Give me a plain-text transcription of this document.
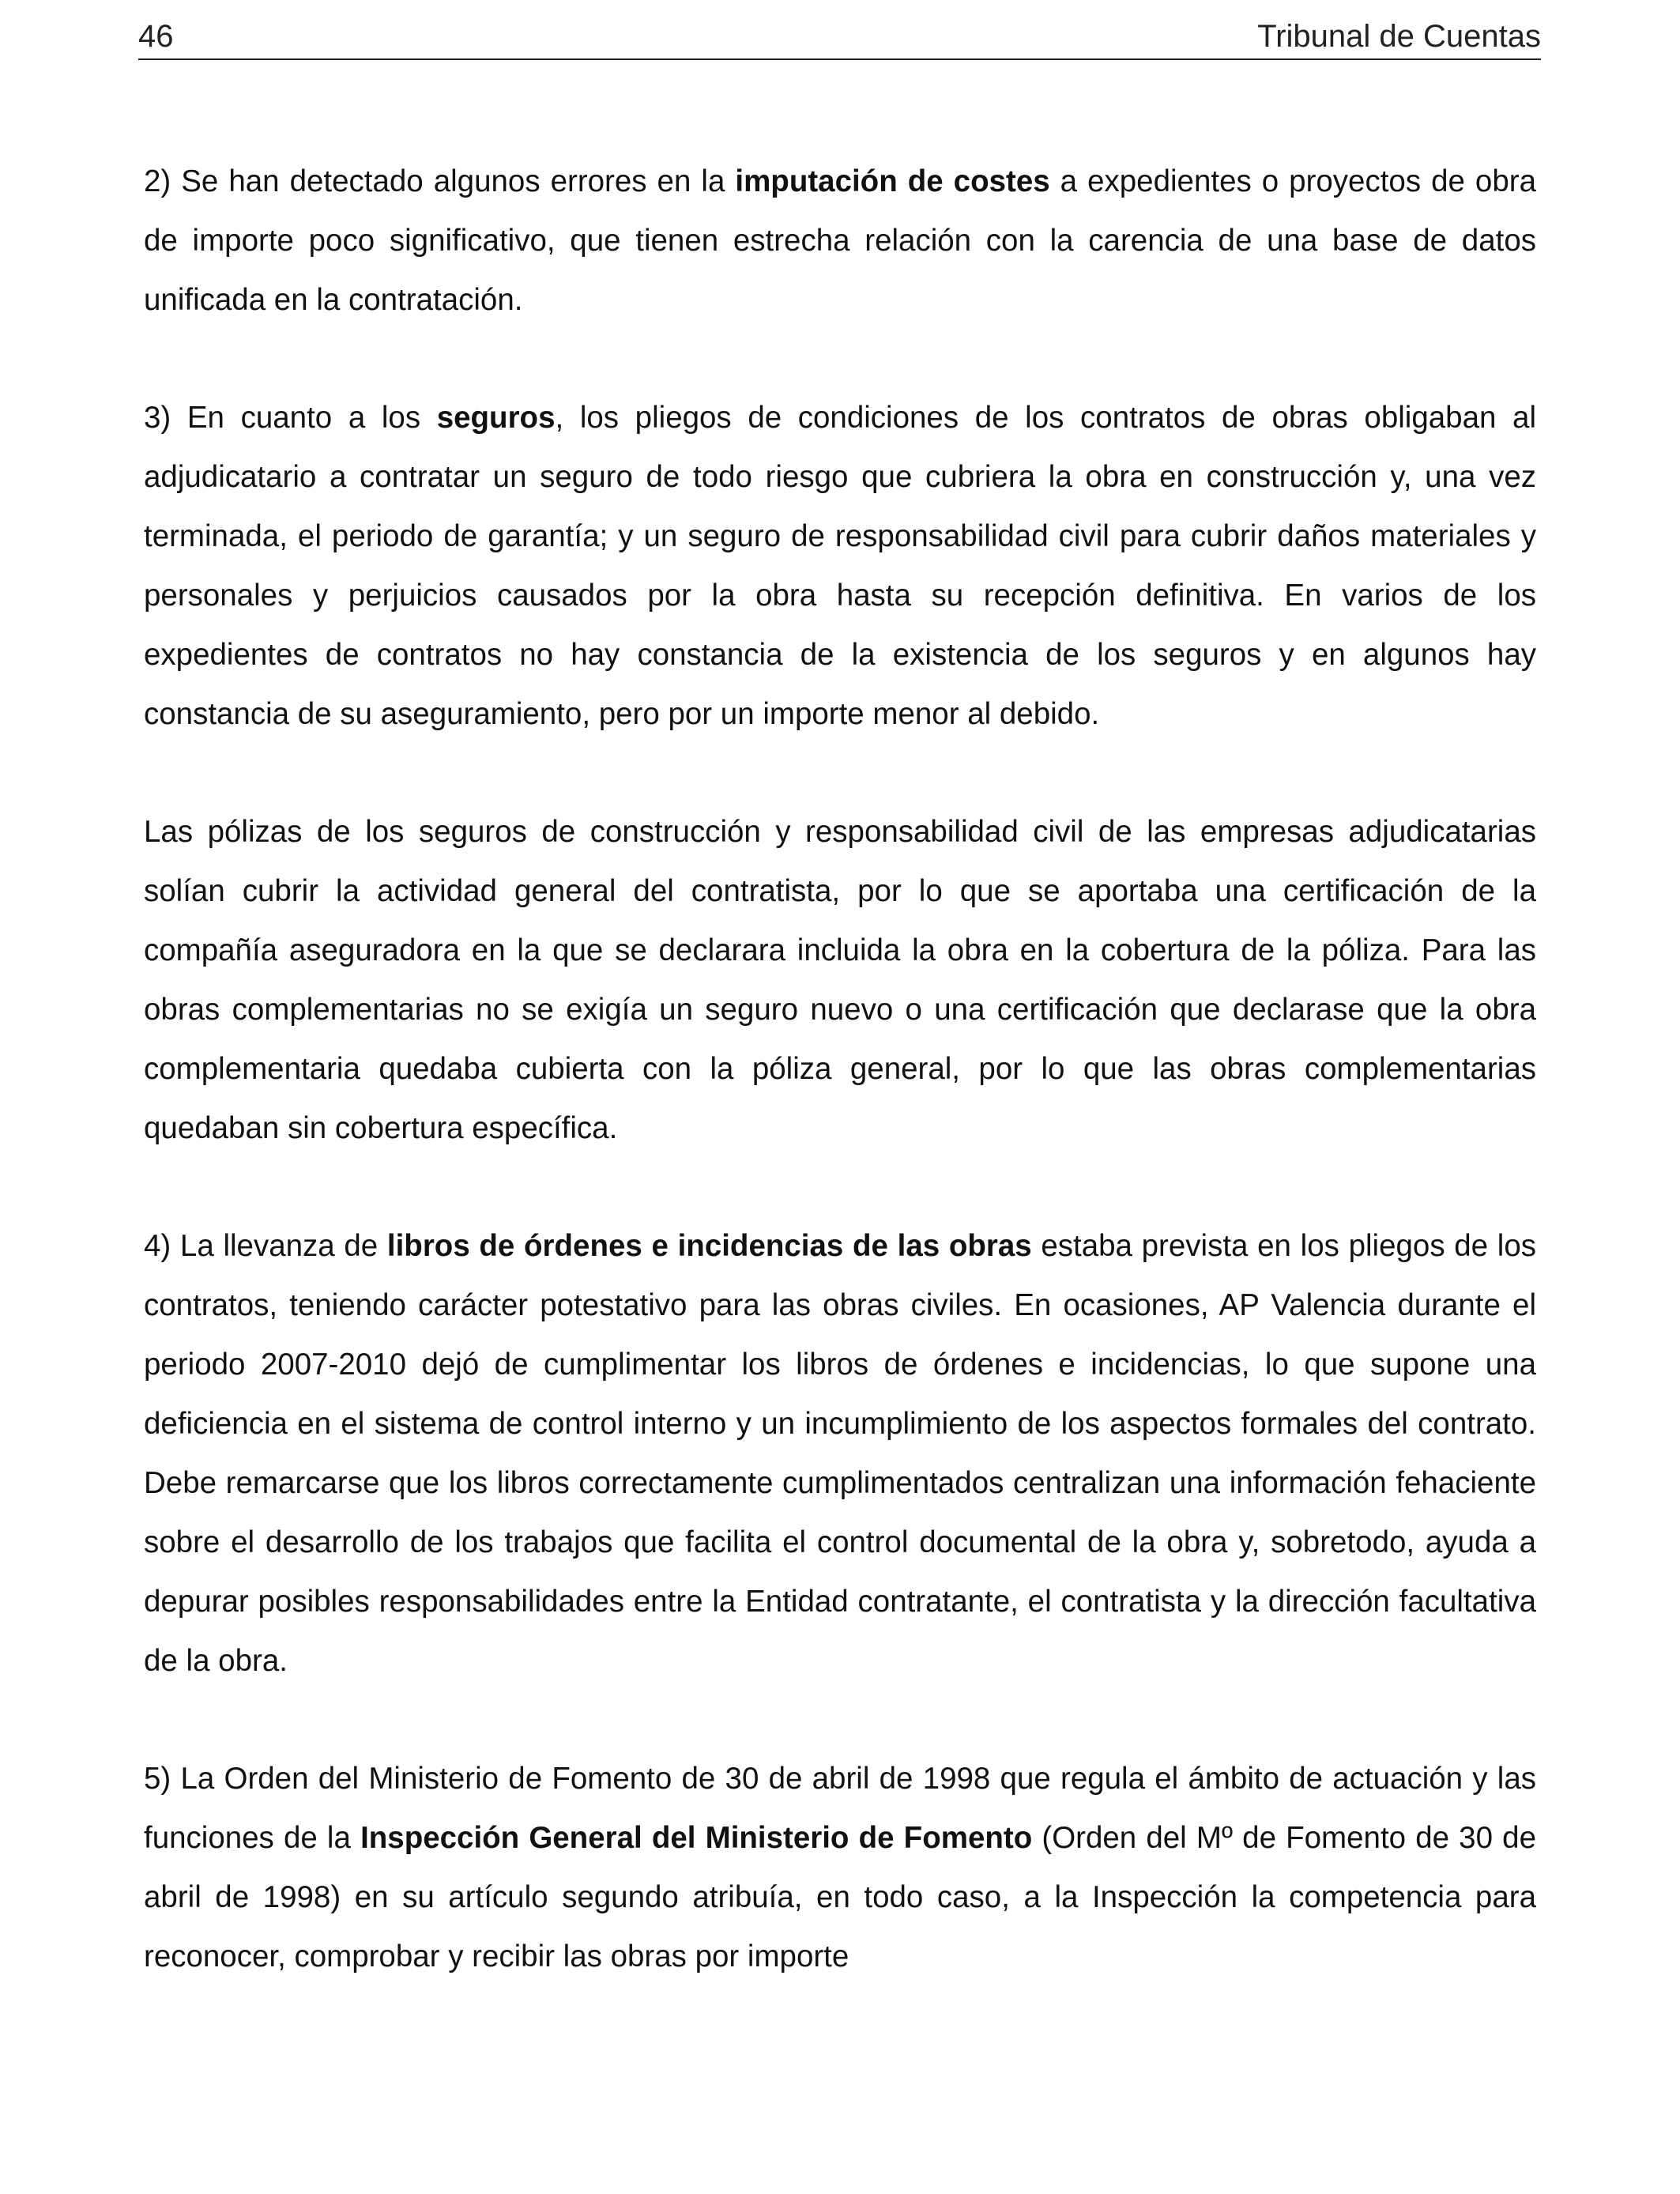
46	Tribunal de Cuentas

2) Se han detectado algunos errores en la imputación de costes a expedientes o proyectos de obra de importe poco significativo, que tienen estrecha relación con la carencia de una base de datos unificada en la contratación.

3) En cuanto a los seguros, los pliegos de condiciones de los contratos de obras obligaban al adjudicatario a contratar un seguro de todo riesgo que cubriera la obra en construcción y, una vez terminada, el periodo de garantía; y un seguro de responsabilidad civil para cubrir daños materiales y personales y perjuicios causados por la obra hasta su recepción definitiva. En varios de los expedientes de contratos no hay constancia de la existencia de los seguros y en algunos hay constancia de su aseguramiento, pero por un importe menor al debido.

Las pólizas de los seguros de construcción y responsabilidad civil de las empresas adjudicatarias solían cubrir la actividad general del contratista, por lo que se aportaba una certificación de la compañía aseguradora en la que se declarara incluida la obra en la cobertura de la póliza. Para las obras complementarias no se exigía un seguro nuevo o una certificación que declarase que la obra complementaria quedaba cubierta con la póliza general, por lo que las obras complementarias quedaban sin cobertura específica.

4) La llevanza de libros de órdenes e incidencias de las obras estaba prevista en los pliegos de los contratos, teniendo carácter potestativo para las obras civiles. En ocasiones, AP Valencia durante el periodo 2007-2010 dejó de cumplimentar los libros de órdenes e incidencias, lo que supone una deficiencia en el sistema de control interno y un incumplimiento de los aspectos formales del contrato. Debe remarcarse que los libros correctamente cumplimentados centralizan una información fehaciente sobre el desarrollo de los trabajos que facilita el control documental de la obra y, sobretodo, ayuda a depurar posibles responsabilidades entre la Entidad contratante, el contratista y la dirección facultativa de la obra.

5) La Orden del Ministerio de Fomento de 30 de abril de 1998 que regula el ámbito de actuación y las funciones de la Inspección General del Ministerio de Fomento (Orden del Mº de Fomento de 30 de abril de 1998) en su artículo segundo atribuía, en todo caso, a la Inspección la competencia para reconocer, comprobar y recibir las obras por importe
